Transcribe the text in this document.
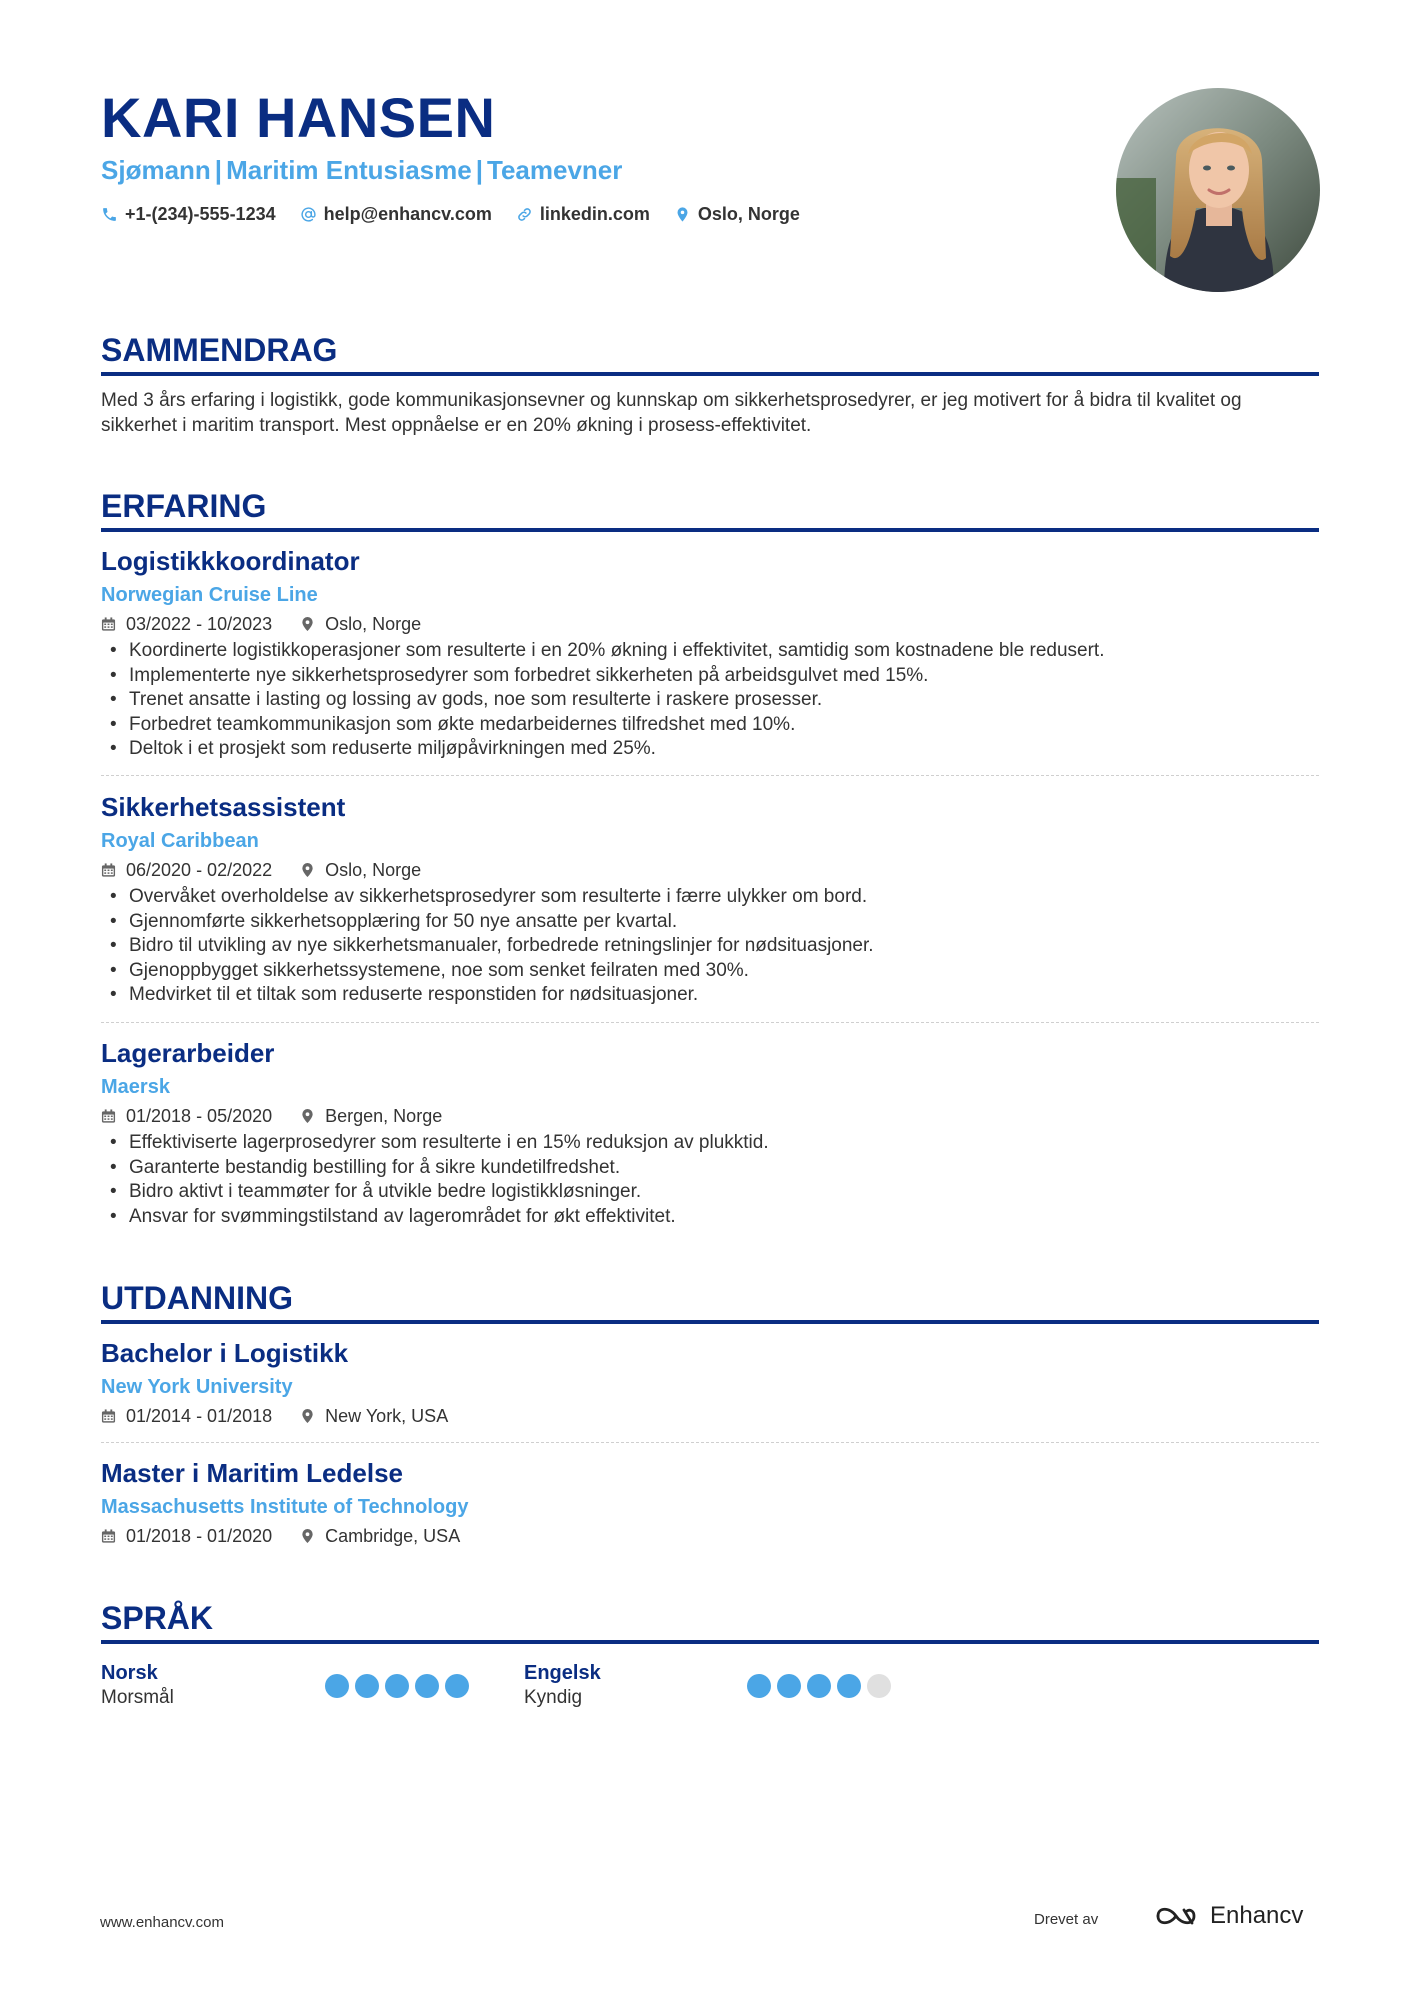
KARI HANSEN
Sjømann | Maritim Entusiasme | Teamevner
+1-(234)-555-1234	help@enhancv.com	linkedin.com	Oslo, Norge
SAMMENDRAG

Med 3 års erfaring i logistikk, gode kommunikasjonsevner og kunnskap om sikkerhetsprosedyrer, er jeg motivert for å bidra til kvalitet og sikkerhet i maritim transport. Mest oppnåelse er en 20% økning i prosess-effektivitet.

ERFARING
Logistikkkoordinator
Norwegian Cruise Line
03/2022 - 10/2023	Oslo, Norge
• Koordinerte logistikkoperasjoner som resulterte i en 20% økning i effektivitet, samtidig som kostnadene ble redusert.
• Implementerte nye sikkerhetsprosedyrer som forbedret sikkerheten på arbeidsgulvet med 15%.
• Trenet ansatte i lasting og lossing av gods, noe som resulterte i raskere prosesser.
• Forbedret teamkommunikasjon som økte medarbeidernes tilfredshet med 10%.
• Deltok i et prosjekt som reduserte miljøpåvirkningen med 25%.
Sikkerhetsassistent
Royal Caribbean
06/2020 - 02/2022	Oslo, Norge
• Overvåket overholdelse av sikkerhetsprosedyrer som resulterte i færre ulykker om bord.
• Gjennomførte sikkerhetsopplæring for 50 nye ansatte per kvartal.
• Bidro til utvikling av nye sikkerhetsmanualer, forbedrede retningslinjer for nødsituasjoner.
• Gjenoppbygget sikkerhetssystemene, noe som senket feilraten med 30%.
• Medvirket til et tiltak som reduserte responstiden for nødsituasjoner.
Lagerarbeider
Maersk
01/2018 - 05/2020	Bergen, Norge
• Effektiviserte lagerprosedyrer som resulterte i en 15% reduksjon av plukktid.
• Garanterte bestandig bestilling for å sikre kundetilfredshet.
• Bidro aktivt i teammøter for å utvikle bedre logistikkløsninger.
• Ansvar for svømmingstilstand av lagerområdet for økt effektivitet.
UTDANNING
Bachelor i Logistikk
New York University
01/2014 - 01/2018	New York, USA
Master i Maritim Ledelse
Massachusetts Institute of Technology
01/2018 - 01/2020	Cambridge, USA
SPRÅK
Norsk
Morsmål
Engelsk
Kyndig
www.enhancv.com	Drevet av	Enhancv
